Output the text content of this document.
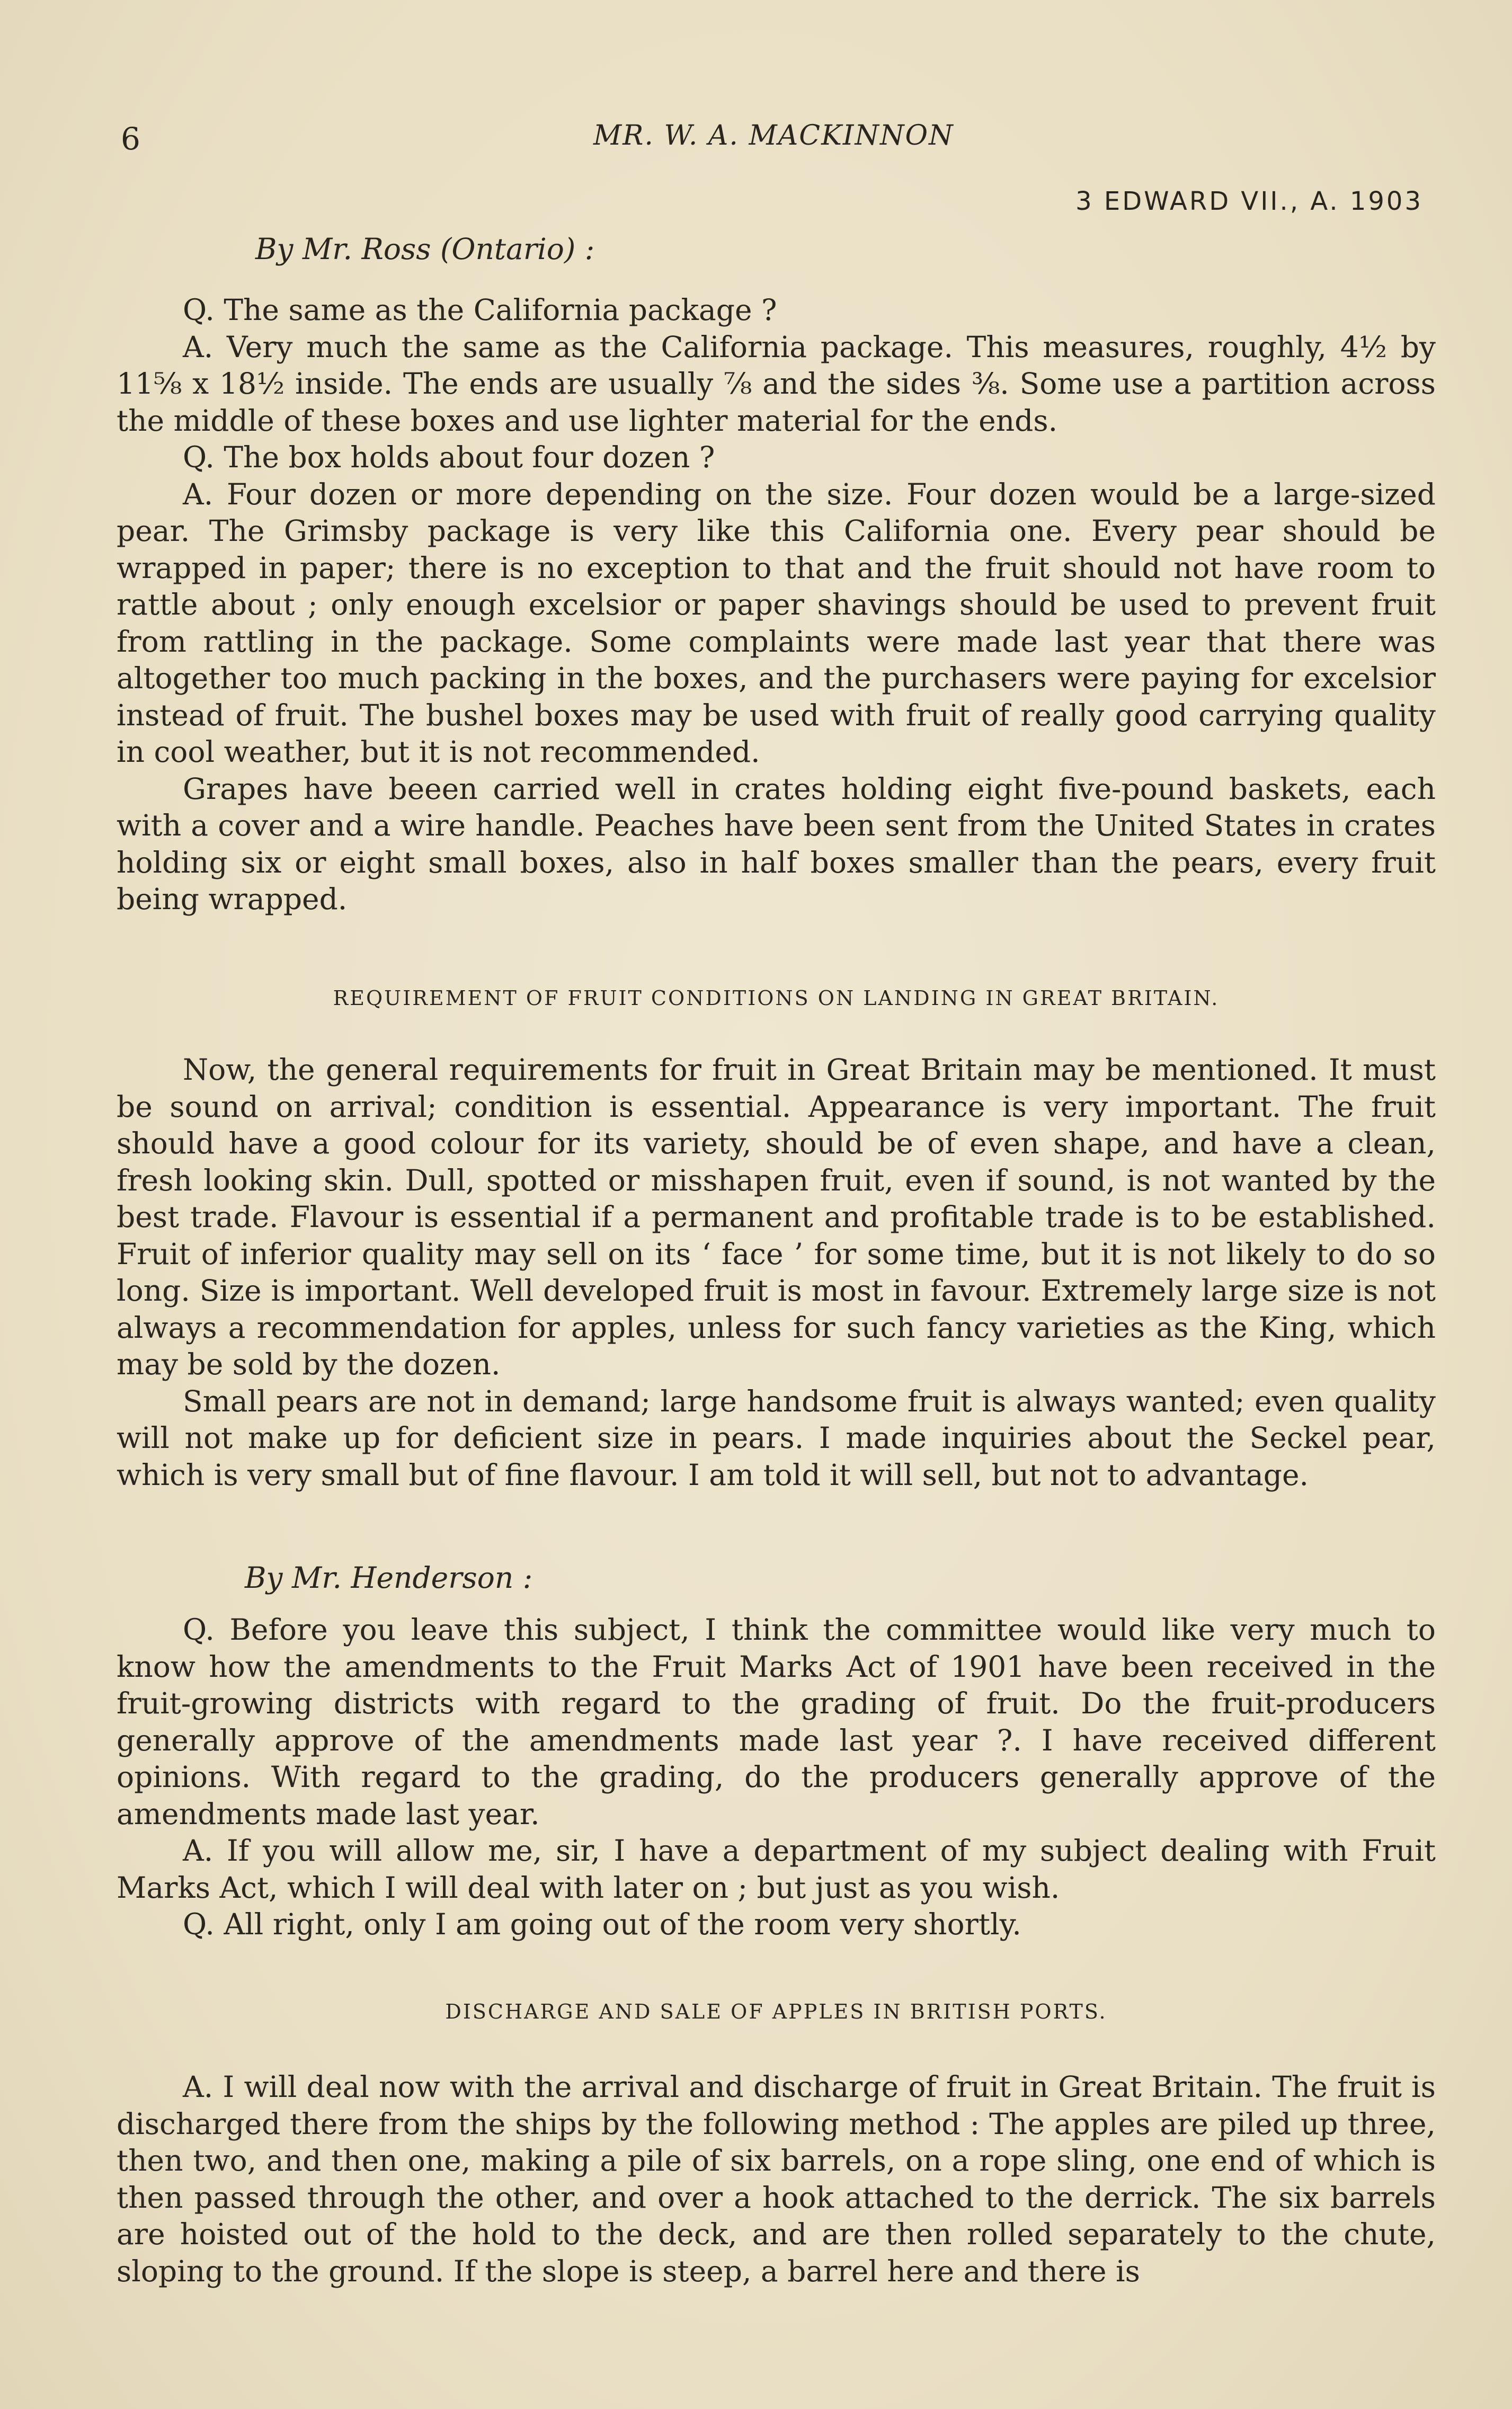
6	MR. W. A. MACKINNON
3 EDWARD VII., A. 1903
By Mr. Ross (Ontario) :

Q. The same as the California package ?

A. Very much the same as the California package. This measures, roughly, 4½ by 11⅝ x 18½ inside. The ends are usually ⅞ and the sides ⅜. Some use a partition across the middle of these boxes and use lighter material for the ends.

Q. The box holds about four dozen ?

A. Four dozen or more depending on the size. Four dozen would be a large-sized pear. The Grimsby package is very like this California one. Every pear should be wrapped in paper; there is no exception to that and the fruit should not have room to rattle about ; only enough excelsior or paper shavings should be used to prevent fruit from rattling in the package. Some complaints were made last year that there was altogether too much packing in the boxes, and the purchasers were paying for excelsior instead of fruit. The bushel boxes may be used with fruit of really good carrying quality in cool weather, but it is not recommended.

Grapes have beeen carried well in crates holding eight five-pound baskets, each with a cover and a wire handle. Peaches have been sent from the United States in crates holding six or eight small boxes, also in half boxes smaller than the pears, every fruit being wrapped.

REQUIREMENT OF FRUIT CONDITIONS ON LANDING IN GREAT BRITAIN.

Now, the general requirements for fruit in Great Britain may be mentioned. It must be sound on arrival; condition is essential. Appearance is very important. The fruit should have a good colour for its variety, should be of even shape, and have a clean, fresh looking skin. Dull, spotted or misshapen fruit, even if sound, is not wanted by the best trade. Flavour is essential if a permanent and profitable trade is to be established. Fruit of inferior quality may sell on its ‘ face ’ for some time, but it is not likely to do so long. Size is important. Well developed fruit is most in favour. Extremely large size is not always a recommendation for apples, unless for such fancy varieties as the King, which may be sold by the dozen.

Small pears are not in demand; large handsome fruit is always wanted; even quality will not make up for deficient size in pears. I made inquiries about the Seckel pear, which is very small but of fine flavour. I am told it will sell, but not to advantage.

By Mr. Henderson :

Q. Before you leave this subject, I think the committee would like very much to know how the amendments to the Fruit Marks Act of 1901 have been received in the fruit-growing districts with regard to the grading of fruit. Do the fruit-producers generally approve of the amendments made last year ?. I have received different opinions. With regard to the grading, do the producers generally approve of the amendments made last year.

A. If you will allow me, sir, I have a department of my subject dealing with Fruit Marks Act, which I will deal with later on ; but just as you wish.

Q. All right, only I am going out of the room very shortly.

DISCHARGE AND SALE OF APPLES IN BRITISH PORTS.

A. I will deal now with the arrival and discharge of fruit in Great Britain. The fruit is discharged there from the ships by the following method : The apples are piled up three, then two, and then one, making a pile of six barrels, on a rope sling, one end of which is then passed through the other, and over a hook attached to the derrick. The six barrels are hoisted out of the hold to the deck, and are then rolled separately to the chute, sloping to the ground. If the slope is steep, a barrel here and there is
